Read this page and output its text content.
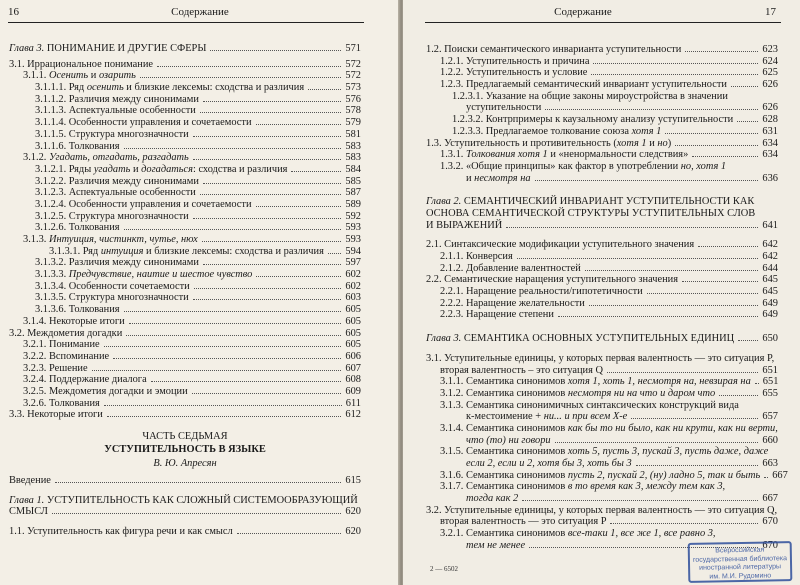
16	Содержание
Глава 3. ПОНИМАНИЕ И ДРУГИЕ СФЕРЫ	571
3.1. Иррациональное понимание	572
3.1.1. Осенить и озарить	572
3.1.1.1. Ряд осенить и близкие лексемы: сходства и различия	573
3.1.1.2. Различия между синонимами	576
3.1.1.3. Аспектуальные особенности	578
3.1.1.4. Особенности управления и сочетаемости	579
3.1.1.5. Структура многозначности	581
3.1.1.6. Толкования	583
3.1.2. Угадать, отгадать, разгадать	583
3.1.2.1. Ряды угадать и догадаться: сходства и различия	584
3.1.2.2. Различия между синонимами	585
3.1.2.3. Аспектуальные особенности	587
3.1.2.4. Особенности управления и сочетаемости	589
3.1.2.5. Структура многозначности	592
3.1.2.6. Толкования	593
3.1.3. Интуиция, чистинкт, чутье, нюх	593
3.1.3.1. Ряд интуиция и близкие лексемы: сходства и различия 594
3.1.3.2. Различия между синонимами	597
3.1.3.3. Предчувствие, наитие и шестое чувство	602
3.1.3.4. Особенности сочетаемости	602
3.1.3.5. Структура многозначности	603
3.1.3.6. Толкования	605
3.1.4. Некоторые итоги	605
3.2. Междометия догадки	605
3.2.1. Понимание	605
3.2.2. Вспоминание	606
3.2.3. Решение	607
3.2.4. Поддержание диалога	608
3.2.5. Междометия догадки и эмоции	609
3.2.6. Толкования	611
3.3. Некоторые итоги	612
ЧАСТЬ СЕДЬМАЯ
УСТУПИТЕЛЬНОСТЬ В ЯЗЫКЕ
В. Ю. Апресян
Введение	615
Глава 1. УСТУПИТЕЛЬНОСТЬ КАК СЛОЖНЫЙ СИСТЕМООБРАЗУЮЩИЙ
СМЫСЛ	620
1.1. Уступительность как фигура речи и как смысл	620
Содержание	17
1.2. Поиски семантического инварианта уступительности	623
1.2.1. Уступительность и причина	624
1.2.2. Уступительность и условие	625
1.2.3. Предлагаемый семантический инвариант уступительности	626
1.2.3.1. Указание на общие законы мироустройства в значении
уступительности	626
1.2.3.2. Контрпримеры к каузальному анализу уступительности	628
1.2.3.3. Предлагаемое толкование союза хотя 1	631
1.3. Уступительность и противительность (хотя 1 и но)	634
1.3.1. Толкования хотя 1 и «ненормальности следствия»	634
1.3.2. «Общие принципы» как фактор в употреблении но, хотя 1
и несмотря на	636
Глава 2. СЕМАНТИЧЕСКИЙ ИНВАРИАНТ УСТУПИТЕЛЬНОСТИ КАК
ОСНОВА СЕМАНТИЧЕСКОЙ СТРУКТУРЫ УСТУПИТЕЛЬНЫХ СЛОВ
И ВЫРАЖЕНИЙ	641
2.1. Синтаксические модификации уступительного значения	642
2.1.1. Конверсия	642
2.1.2. Добавление валентностей	644
2.2. Семантические наращения уступительного значения	645
2.2.1. Наращение реальности/гипотетичности	645
2.2.2. Наращение желательности	649
2.2.3. Наращение степени	649
Глава 3. СЕМАНТИКА ОСНОВНЫХ УСТУПИТЕЛЬНЫХ ЕДИНИЦ	650
3.1. Уступительные единицы, у которых первая валентность — это ситуация P,
вторая валентность – это ситуация Q	651
3.1.1. Семантика синонимов хотя 1, хоть 1, несмотря на, невзирая на 651
3.1.2. Семантика синонимов несмотря ни на что и даром что	655
3.1.3. Семантика синонимичных синтаксических конструкций вида
к-местоимение + ни... и при всем Х-е	657
3.1.4. Семантика синонимов как бы то ни было, как ни крути, как ни верти,
что (то) ни говори	660
3.1.5. Семантика синонимов хоть 5, пусть 3, пускай 3, пусть даже, даже
если 2, если и 2, хотя бы 3, хоть бы 3	663
3.1.6. Семантика синонимов пусть 2, пускай 2, (ну) ладно 5, так и быть 667
3.1.7. Семантика синонимов в то время как 3, между тем как 3,
тогда как 2	667
3.2. Уступительные единицы, у которых первая валентность — это ситуация Q,
вторая валентность — это ситуация P	670
3.2.1. Семантика синонимов все-таки 1, все же 1, все равно 3,
тем не менее	670
2 — 6502
Всероссийская
государственная библиотека
иностранной литературы
им. М.И. Рудомино
